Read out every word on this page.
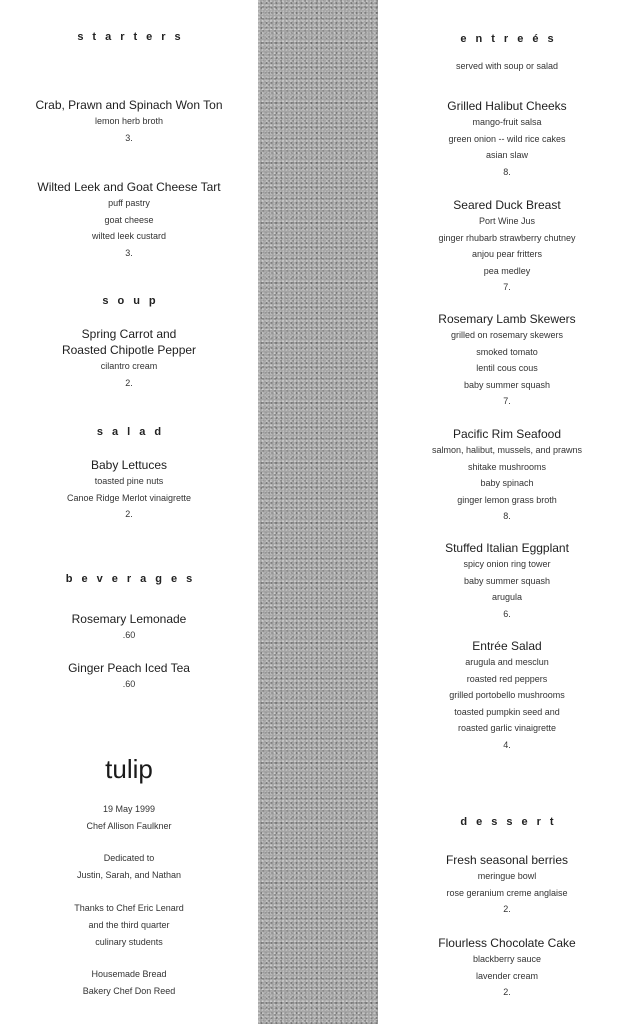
starters
Crab, Prawn and Spinach Won Ton
lemon herb broth
3.
Wilted Leek and Goat Cheese Tart
puff pastry
goat cheese
wilted leek custard
3.
soup
Spring Carrot and
Roasted Chipotle Pepper
cilantro cream
2.
salad
Baby Lettuces
toasted pine nuts
Canoe Ridge Merlot vinaigrette
2.
beverages
Rosemary Lemonade
.60
Ginger Peach Iced Tea
.60
tulip
19 May 1999
Chef Allison Faulkner
Dedicated to
Justin, Sarah, and Nathan
Thanks to Chef Eric Lenard
and the third quarter
culinary students
Housemade Bread
Bakery Chef Don Reed
entreés
served with soup or salad
Grilled Halibut Cheeks
mango-fruit salsa
green onion -- wild rice cakes
asian slaw
8.
Seared Duck Breast
Port Wine Jus
ginger rhubarb strawberry chutney
anjou pear fritters
pea medley
7.
Rosemary Lamb Skewers
grilled on rosemary skewers
smoked tomato
lentil cous cous
baby summer squash
7.
Pacific Rim Seafood
salmon, halibut, mussels, and prawns
shitake mushrooms
baby spinach
ginger lemon grass broth
8.
Stuffed Italian Eggplant
spicy onion ring tower
baby summer squash
arugula
6.
Entrée Salad
arugula and mesclun
roasted red peppers
grilled portobello mushrooms
toasted pumpkin seed and
roasted garlic vinaigrette
4.
dessert
Fresh seasonal berries
meringue bowl
rose geranium creme anglaise
2.
Flourless Chocolate Cake
blackberry sauce
lavender cream
2.
